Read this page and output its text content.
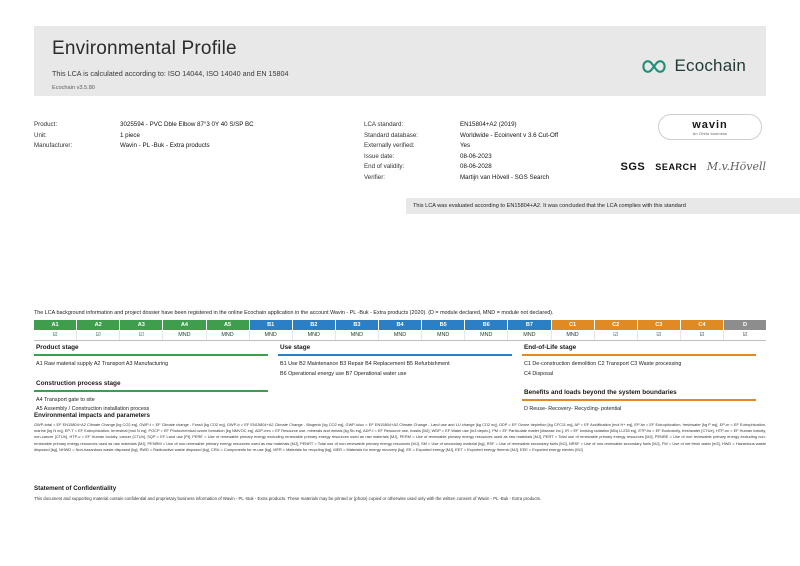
Environmental Profile
This LCA is calculated according to: ISO 14044, ISO 14040 and EN 15804
Ecochain v3.5.80
Ecochain
Product:	3025594 - PVC Dble Elbow 87°3 0Y 40 S/SP BC
Unit:	1 piece
Manufacturer:	Wavin - PL -Buk - Extra products
LCA standard:	EN15804+A2 (2019)
Standard database:	Worldwide - Ecoinvent v 3.6 Cut-Off
Externally verified:	Yes
Issue date:	08-06-2023
End of validity:	08-06-2028
Verifier:	Martijn van Hövell - SGS Search
wavin
An Orbia business
SGS SEARCH M.v.Hövell
This LCA was evaluated according to EN15804+A2. It was concluded that the LCA complies with this standard
The LCA background information and project dossier have been registered in the online Ecochain application in the account Wavin - PL -Buk - Extra products (2020). (D = module declared, MND = module not declared).
A1	A2	A3	A4	A5	B1	B2	B3	B4	B5	B6	B7	C1	C2	C3	C4	D
☑	☑	☑	MND	MND	MND	MND	MND	MND	MND	MND	MND	MND	☑	☑	☑	☑
Product stage
A1 Raw material supply A2 Transport A3 Manufacturing
Construction process stage
A4 Transport gate to site
A5 Assembly / Construction installation process
Use stage
B1 Use B2 Maintenance B3 Repair B4 Replacement B5 Refurbishment
B6 Operational energy use B7 Operational water use
End-of-Life stage
C1 De-construction demolition C2 Transport C3 Waste processing
C4 Disposal
Benefits and loads beyond the system boundaries
D Reuse- Recovery- Recycling- potential
Environmental impacts and parameters

GWP-total = EF EN15804+A2 Climate Change [kg CO2 eq], GWP-f = EF Climate change - Fossil [kg CO2 eq], GWP-b = EF EN15804+A2 Climate Change - Biogenic [kg CO2 eq], GWP-luluc = EF EN15804+A2 Climate Change - Land use and LU change [kg CO2 eq], ODP = EF Ozone depletion [kg CFC11 eq], AP = EF Acidification [mol H+ eq], EP-fw = EF Eutrophication, freshwater [kg P eq], EP-m = EF Eutrophication, marine [kg N eq], EP-T = EF Eutrophication, terrestrial [mol N eq], POCP = EF Photochemical ozone formation [kg NMVOC eq], ADP-mm = EF Resource use, minerals and metals [kg Sb eq], ADP-f = EF Resource use, fossils [MJ], WDP = EF Water use [m3 depriv.], PM = EF Particulate matter [disease inc.], IR = EF Ionising radiation [kBq U-235 eq], ETP-fw = EF Ecotoxicity, freshwater [CTUe], HTP-nc = EF Human toxicity, non-cancer [CTUh], HTP-c = EF Human toxicity, cancer [CTUh], SQP = EF Land use [Pt], PERE = Use of renewable primary energy excluding renewable primary energy resources used as raw materials [MJ], PERM = Use of renewable primary energy resources used as raw materials [MJ], PERT = Total use of renewable primary energy resources [MJ], PENRE = Use of non renewable primary energy excluding non-renewable primary energy resources used as raw materials [MJ], PENRM = Use of non-renewable primary energy resources used as raw materials [MJ], PENRT = Total use of non-renewable primary energy resources [MJ], SM = Use of secondary material [kg], RSF = Use of renewable secondary fuels [MJ], NRSF = Use of non-renewable secondary fuels [MJ], FW = Use of net fresh water [m3], HWD = Hazardous waste disposed [kg], NHWD = Non-hazardous waste disposed [kg], RWD = Radioactive waste disposed [kg], CRU = Components for re-use [kg], MFR = Materials for recycling [kg], MER = Materials for energy recovery [kg], EE = Exported energy [MJ], EET = Exported energy thermic [MJ], EEE = Exported energy electric [MJ]

Statement of Confidentiality

This document and supporting material contain confidential and proprietary business information of Wavin - PL -Buk - Extra products. These materials may be printed or (photo) copied or otherwise used only with the written consent of Wavin - PL -Buk - Extra products.
